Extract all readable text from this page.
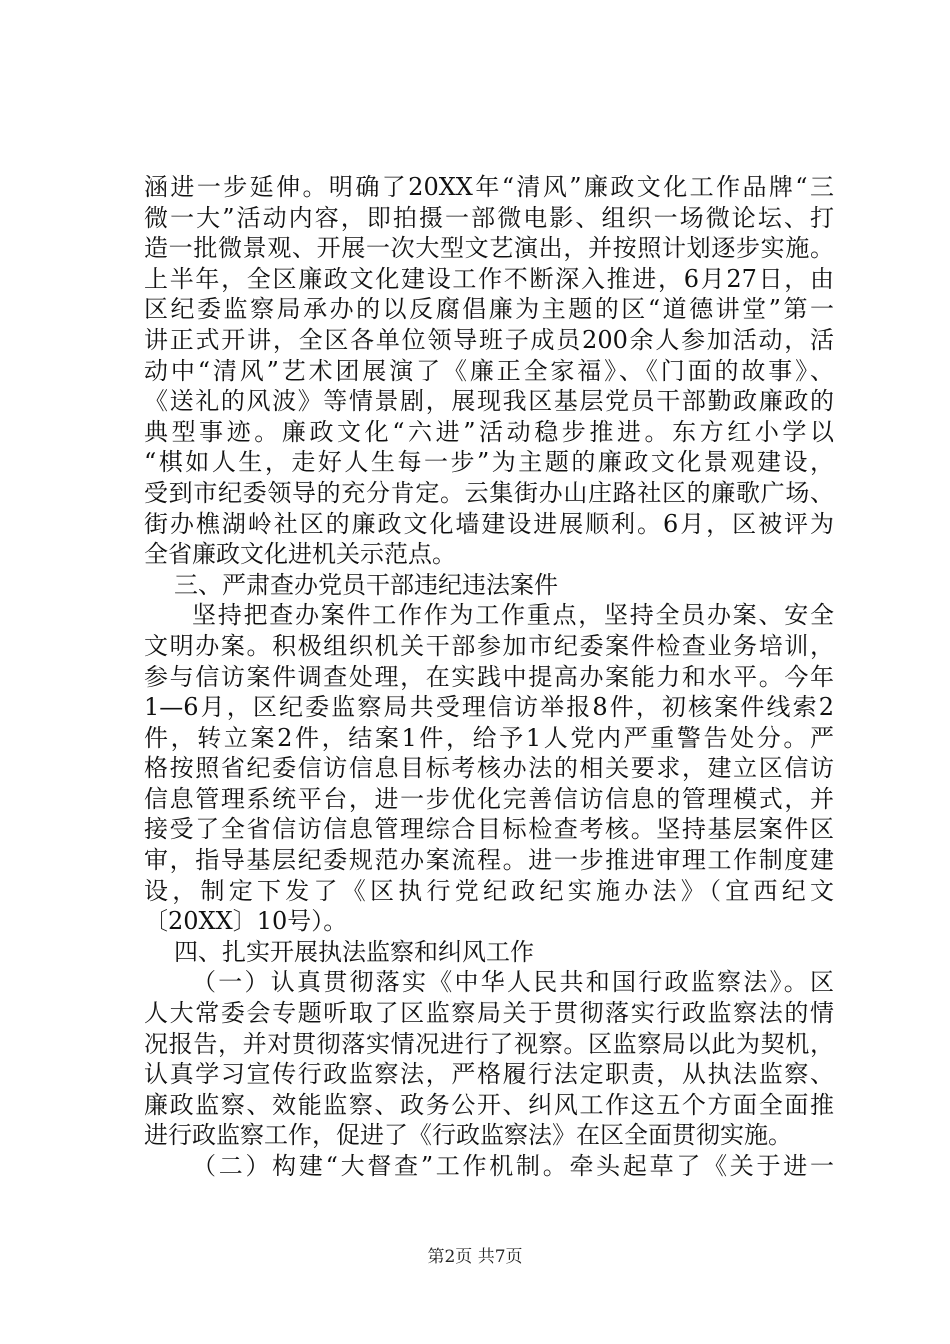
涵进一步延伸。明确了20XX年“清风”廉政文化工作品牌“三
微一大”活动内容，即拍摄一部微电影、组织一场微论坛、打
造一批微景观、开展一次大型文艺演出，并按照计划逐步实施。
上半年，全区廉政文化建设工作不断深入推进，6月27日，由
区纪委监察局承办的以反腐倡廉为主题的区“道德讲堂”第一
讲正式开讲，全区各单位领导班子成员200余人参加活动，活
动中“清风”艺术团展演了《廉正全家福》、《门面的故事》、
《送礼的风波》等情景剧，展现我区基层党员干部勤政廉政的
典型事迹。廉政文化“六进”活动稳步推进。东方红小学以
“棋如人生，走好人生每一步”为主题的廉政文化景观建设，
受到市纪委领导的充分肯定。云集街办山庄路社区的廉歌广场、
街办樵湖岭社区的廉政文化墙建设进展顺利。6月，区被评为
全省廉政文化进机关示范点。
三、严肃查办党员干部违纪违法案件
坚持把查办案件工作作为工作重点，坚持全员办案、安全
文明办案。积极组织机关干部参加市纪委案件检查业务培训，
参与信访案件调查处理，在实践中提高办案能力和水平。今年
1—6月，区纪委监察局共受理信访举报8件，初核案件线索2
件，转立案2件，结案1件，给予1人党内严重警告处分。严
格按照省纪委信访信息目标考核办法的相关要求，建立区信访
信息管理系统平台，进一步优化完善信访信息的管理模式，并
接受了全省信访信息管理综合目标检查考核。坚持基层案件区
审，指导基层纪委规范办案流程。进一步推进审理工作制度建
设，制定下发了《区执行党纪政纪实施办法》（宜西纪文
〔20XX〕10号）。
四、扎实开展执法监察和纠风工作
（一）认真贯彻落实《中华人民共和国行政监察法》。区
人大常委会专题听取了区监察局关于贯彻落实行政监察法的情
况报告，并对贯彻落实情况进行了视察。区监察局以此为契机，
认真学习宣传行政监察法，严格履行法定职责，从执法监察、
廉政监察、效能监察、政务公开、纠风工作这五个方面全面推
进行政监察工作，促进了《行政监察法》在区全面贯彻实施。
（二）构建“大督查”工作机制。牵头起草了《关于进一
第2页 共7页
